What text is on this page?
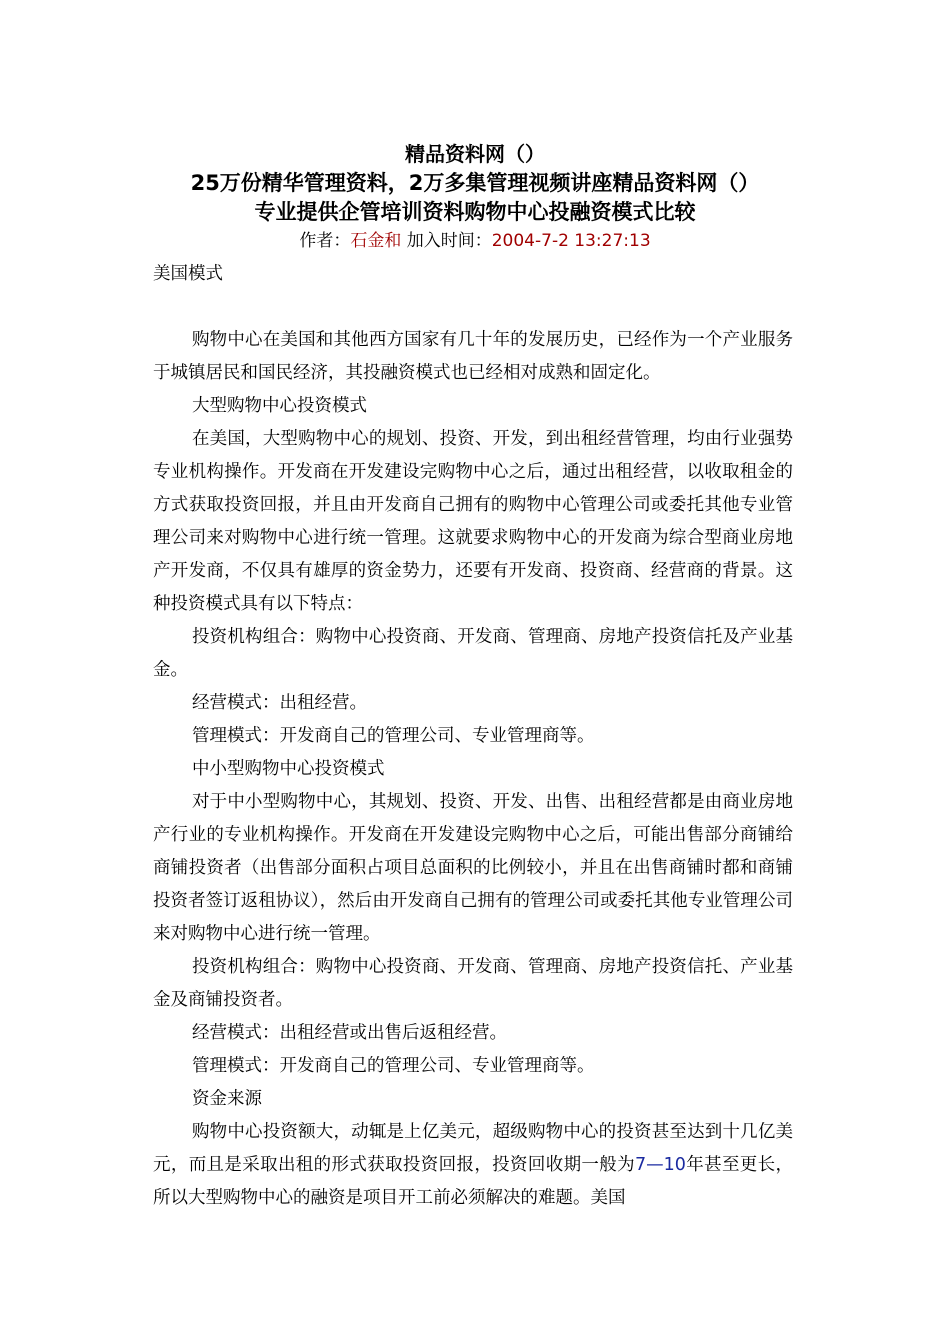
精品资料网（）
25万份精华管理资料，2万多集管理视频讲座精品资料网（）
专业提供企管培训资料购物中心投融资模式比较
作者：石金和 加入时间：2004-7-2 13:27:13

美国模式

购物中心在美国和其他西方国家有几十年的发展历史，已经作为一个产业服务于城镇居民和国民经济，其投融资模式也已经相对成熟和固定化。

大型购物中心投资模式

在美国，大型购物中心的规划、投资、开发，到出租经营管理，均由行业强势专业机构操作。开发商在开发建设完购物中心之后，通过出租经营，以收取租金的方式获取投资回报，并且由开发商自己拥有的购物中心管理公司或委托其他专业管理公司来对购物中心进行统一管理。这就要求购物中心的开发商为综合型商业房地产开发商，不仅具有雄厚的资金势力，还要有开发商、投资商、经营商的背景。这种投资模式具有以下特点：

投资机构组合：购物中心投资商、开发商、管理商、房地产投资信托及产业基金。

经营模式：出租经营。

管理模式：开发商自己的管理公司、专业管理商等。

中小型购物中心投资模式

对于中小型购物中心，其规划、投资、开发、出售、出租经营都是由商业房地产行业的专业机构操作。开发商在开发建设完购物中心之后，可能出售部分商铺给商铺投资者（出售部分面积占项目总面积的比例较小，并且在出售商铺时都和商铺投资者签订返租协议），然后由开发商自己拥有的管理公司或委托其他专业管理公司来对购物中心进行统一管理。

投资机构组合：购物中心投资商、开发商、管理商、房地产投资信托、产业基金及商铺投资者。

经营模式：出租经营或出售后返租经营。

管理模式：开发商自己的管理公司、专业管理商等。

资金来源

购物中心投资额大，动辄是上亿美元，超级购物中心的投资甚至达到十几亿美元，而且是采取出租的形式获取投资回报，投资回收期一般为7—10年甚至更长，所以大型购物中心的融资是项目开工前必须解决的难题。美国
